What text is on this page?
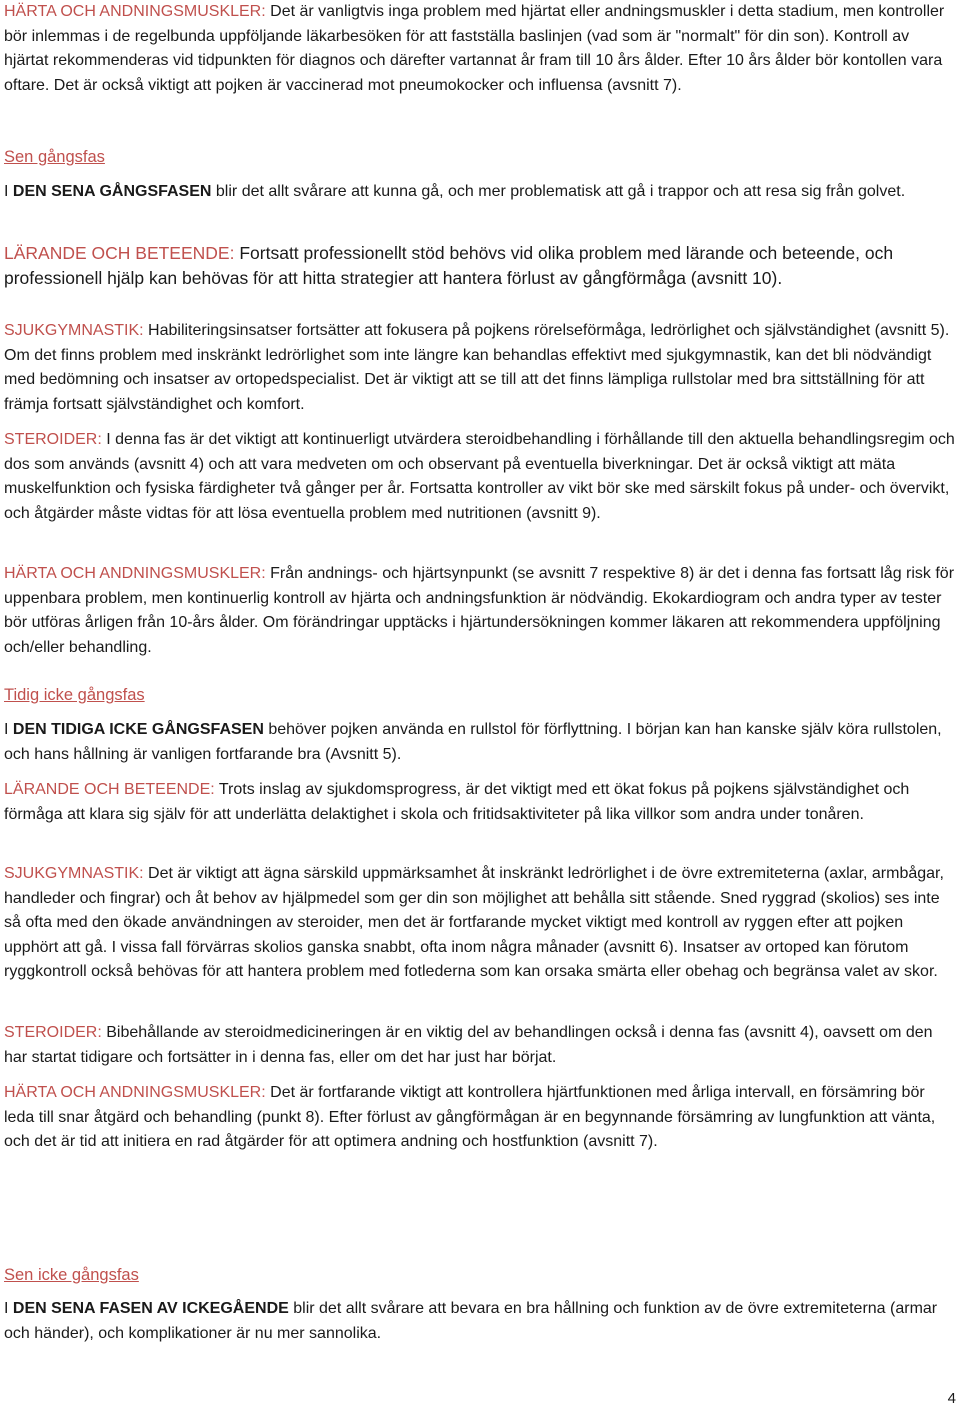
HÄRTA OCH ANDNINGSMUSKLER: Det är vanligtvis inga problem med hjärtat eller andningsmuskler i detta stadium, men kontroller bör inlemmas i de regelbunda uppföljande läkarbesöken för att fastställa baslinjen (vad som är "normalt" för din son). Kontroll av hjärtat rekommenderas vid tidpunkten för diagnos och därefter vartannat år fram till 10 års ålder. Efter 10 års ålder bör kontollen vara oftare. Det är också viktigt att pojken är vaccinerad mot pneumokocker och influensa (avsnitt 7).

Sen gångsfas

I DEN SENA GÅNGSFASEN blir det allt svårare att kunna gå, och mer problematisk att gå i trappor och att resa sig från golvet.

LÄRANDE OCH BETEENDE: Fortsatt professionellt stöd behövs vid olika problem med lärande och beteende, och professionell hjälp kan behövas för att hitta strategier att hantera förlust av gångförmåga (avsnitt 10).

SJUKGYMNASTIK: Habiliteringsinsatser fortsätter att fokusera på pojkens rörelseförmåga, ledrörlighet och självständighet (avsnitt 5). Om det finns problem med inskränkt ledrörlighet som inte längre kan behandlas effektivt med sjukgymnastik, kan det bli nödvändigt med bedömning och insatser av ortopedspecialist. Det är viktigt att se till att det finns lämpliga rullstolar med bra sittställning för att främja fortsatt självständighet och komfort.

STEROIDER: I denna fas är det viktigt att kontinuerligt utvärdera steroidbehandling i förhållande till den aktuella behandlingsregim och dos som används (avsnitt 4) och att vara medveten om och observant på eventuella biverkningar. Det är också viktigt att mäta muskelfunktion och fysiska färdigheter två gånger per år. Fortsatta kontroller av vikt bör ske med särskilt fokus på under- och övervikt, och åtgärder måste vidtas för att lösa eventuella problem med nutritionen (avsnitt 9).

HÄRTA OCH ANDNINGSMUSKLER: Från andnings- och hjärtsynpunkt (se avsnitt 7 respektive 8) är det i denna fas fortsatt låg risk för uppenbara problem, men kontinuerlig kontroll av hjärta och andningsfunktion är nödvändig. Ekokardiogram och andra typer av tester bör utföras årligen från 10-års ålder. Om förändringar upptäcks i hjärtundersökningen kommer läkaren att rekommendera uppföljning och/eller behandling.

Tidig icke gångsfas

I DEN TIDIGA ICKE GÅNGSFASEN behöver pojken använda en rullstol för förflyttning. I början kan han kanske själv köra rullstolen, och hans hållning är vanligen fortfarande bra (Avsnitt 5).

LÄRANDE OCH BETEENDE: Trots inslag av sjukdomsprogress, är det viktigt med ett ökat fokus på pojkens självständighet och förmåga att klara sig själv för att underlätta delaktighet i skola och fritidsaktiviteter på lika villkor som andra under tonåren.

SJUKGYMNASTIK: Det är viktigt att ägna särskild uppmärksamhet åt inskränkt ledrörlighet i de övre extremiteterna (axlar, armbågar, handleder och fingrar) och åt behov av hjälpmedel som ger din son möjlighet att behålla sitt stående. Sned ryggrad (skolios) ses inte så ofta med den ökade användningen av steroider, men det är fortfarande mycket viktigt med kontroll av ryggen efter att pojken upphört att gå. I vissa fall förvärras skolios ganska snabbt, ofta inom några månader (avsnitt 6). Insatser av ortoped kan förutom ryggkontroll också behövas för att hantera problem med fotlederna som kan orsaka smärta eller obehag och begränsa valet av skor.

STEROIDER: Bibehållande av steroidmedicineringen är en viktig del av behandlingen också i denna fas (avsnitt 4), oavsett om den har startat tidigare och fortsätter in i denna fas, eller om det har just har börjat.

HÄRTA OCH ANDNINGSMUSKLER: Det är fortfarande viktigt att kontrollera hjärtfunktionen med årliga intervall, en försämring bör leda till snar åtgärd och behandling (punkt 8). Efter förlust av gångförmågan är en begynnande försämring av lungfunktion att vänta, och det är tid att initiera en rad åtgärder för att optimera andning och hostfunktion (avsnitt 7).

Sen icke gångsfas

I DEN SENA FASEN AV ICKEGÅENDE blir det allt svårare att bevara en bra hållning och funktion av de övre extremiteterna (armar och händer), och komplikationer är nu mer sannolika.

4
